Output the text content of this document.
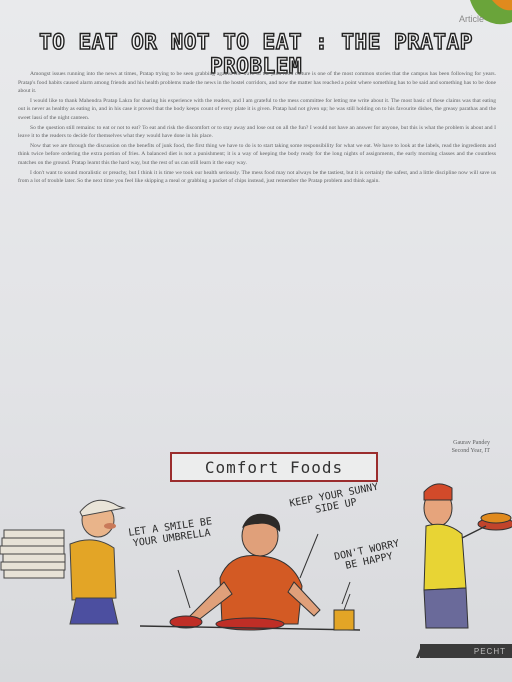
Article
TO EAT OR NOT TO EAT : THE PRATAP PROBLEM

Amongst issues running into the news at times, Pratap trying to be seen grabbing against the wave of the junk food culture is one of the most common stories that the campus has been following for years. Pratap's food habits caused alarm among friends and his health problems made the news in the hostel corridors, and now the matter has reached a point where something has to be said and something has to be done about it.

I would like to thank Mahendra Pratap Lakra for sharing his experience with the readers, and I am grateful to the mess committee for letting me write about it. The most basic of these claims was that eating out is never as healthy as eating in, and in his case it proved that the body keeps count of every plate it is given. Pratap had not given up; he was still holding on to his favourite dishes, the greasy parathas and the sweet lassi of the night canteen.

So the question still remains: to eat or not to eat? To eat and risk the discomfort or to stay away and lose out on all the fun? I would not have an answer for anyone, but this is what the problem is about and I leave it to the readers to decide for themselves what they would have done in his place.

Now that we are through the discussion on the benefits of junk food, the first thing we have to do is to start taking some responsibility for what we eat. We have to look at the labels, read the ingredients and think twice before ordering the extra portion of fries. A balanced diet is not a punishment; it is a way of keeping the body ready for the long nights of assignments, the early morning classes and the countless matches on the ground. Pratap learnt this the hard way, but the rest of us can still learn it the easy way.

I don't want to sound moralistic or preachy, but I think it is time we took our health seriously. The mess food may not always be the tastiest, but it is certainly the safest, and a little discipline now will save us from a lot of trouble later. So the next time you feel like skipping a meal or grabbing a packet of chips instead, just remember the Pratap problem and think again.

Gaurav Pandey
Second Year, IT
Comfort Foods
LET A SMILE BE YOUR UMBRELLA
KEEP YOUR SUNNY SIDE UP
DON'T WORRY BE HAPPY
PECHT
